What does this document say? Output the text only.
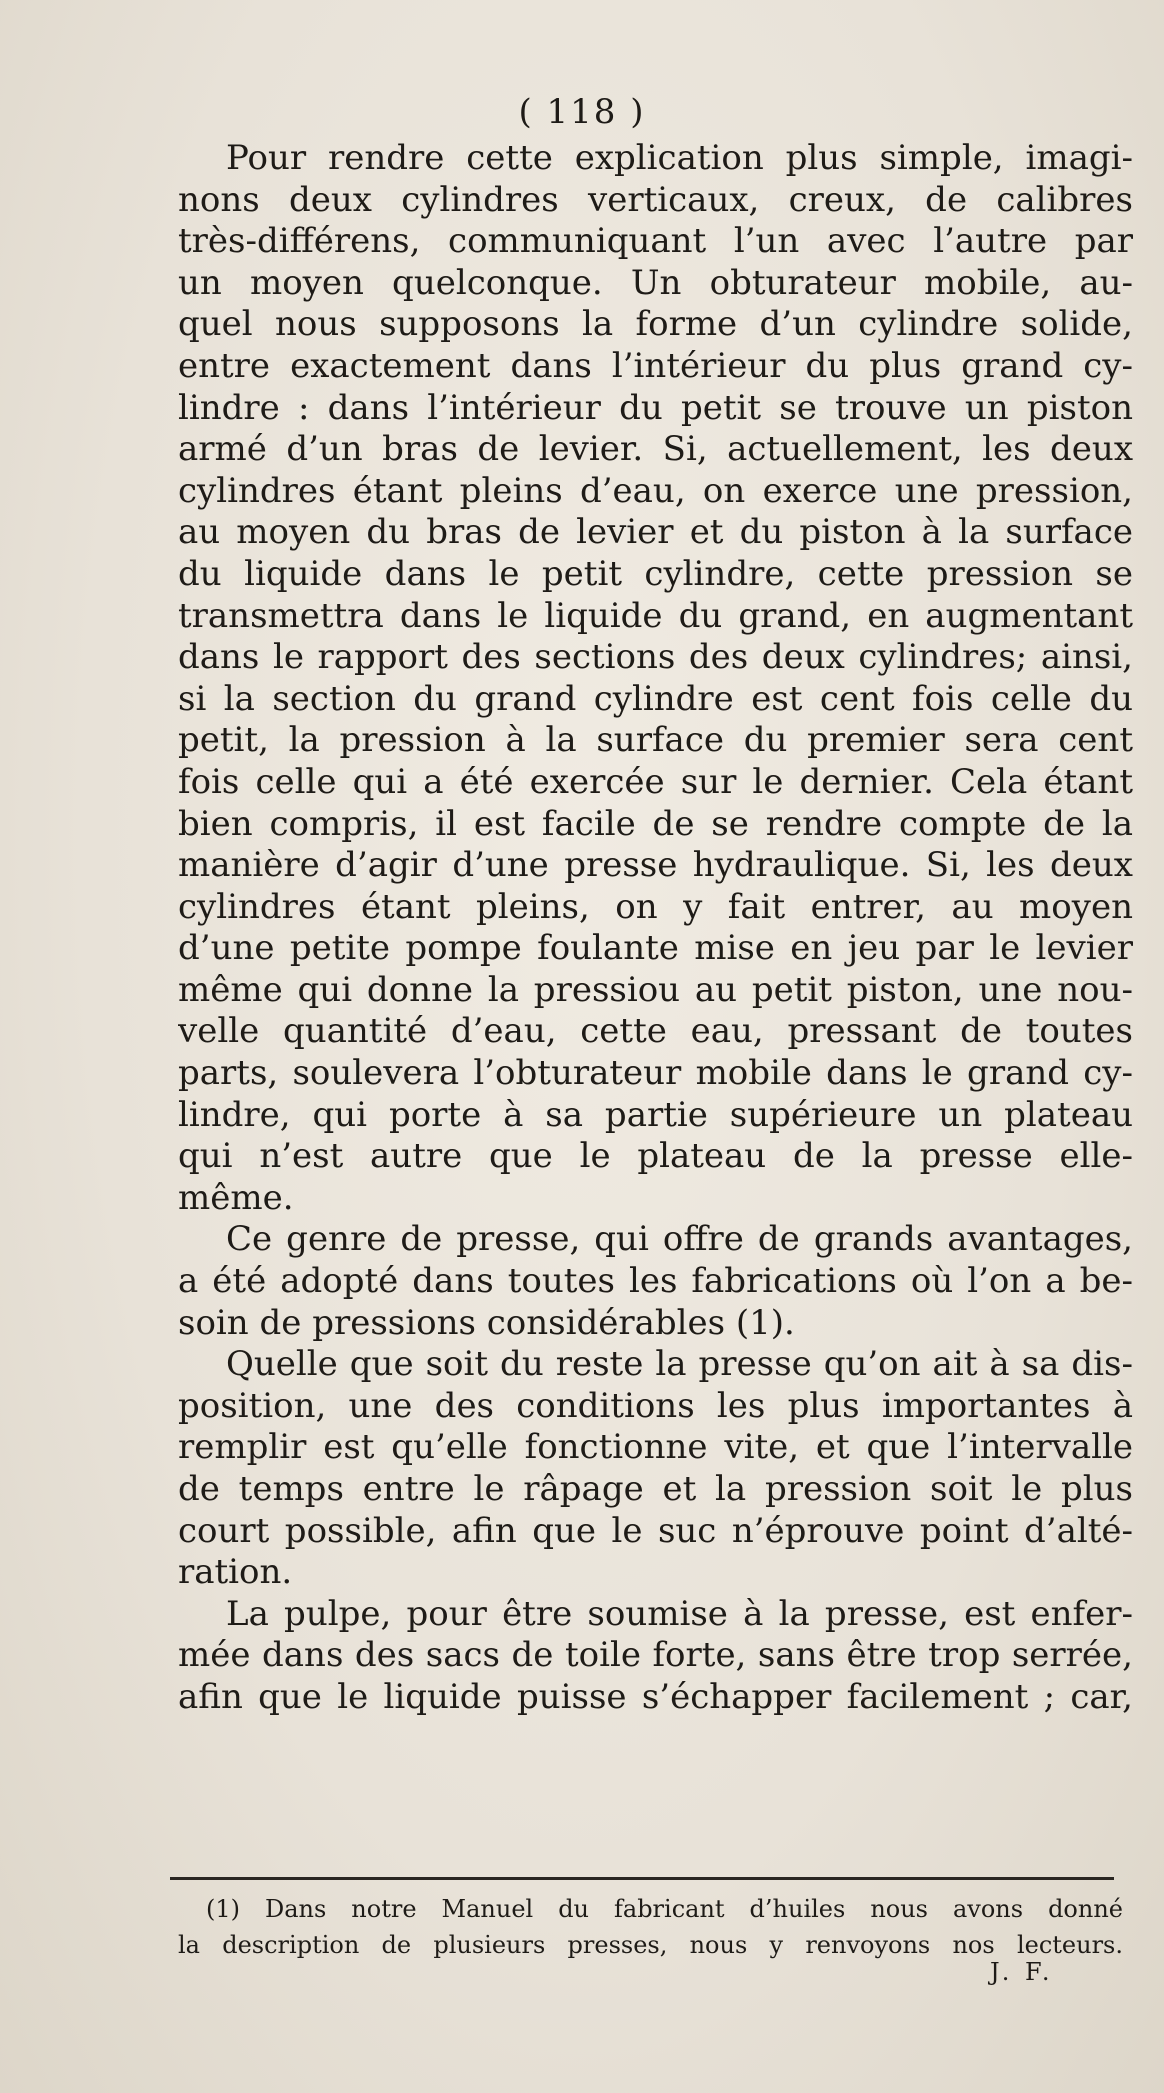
( 118 )
Pour rendre cette explication plus simple, imagi-
nons deux cylindres verticaux, creux, de calibres
très-différens, communiquant l’un avec l’autre par
un moyen quelconque. Un obturateur mobile, au-
quel nous supposons la forme d’un cylindre solide,
entre exactement dans l’intérieur du plus grand cy-
lindre : dans l’intérieur du petit se trouve un piston
armé d’un bras de levier. Si, actuellement, les deux
cylindres étant pleins d’eau, on exerce une pression,
au moyen du bras de levier et du piston à la surface
du liquide dans le petit cylindre, cette pression se
transmettra dans le liquide du grand, en augmentant
dans le rapport des sections des deux cylindres; ainsi,
si la section du grand cylindre est cent fois celle du
petit, la pression à la surface du premier sera cent
fois celle qui a été exercée sur le dernier. Cela étant
bien compris, il est facile de se rendre compte de la
manière d’agir d’une presse hydraulique. Si, les deux
cylindres étant pleins, on y fait entrer, au moyen
d’une petite pompe foulante mise en jeu par le levier
même qui donne la pressiou au petit piston, une nou-
velle quantité d’eau, cette eau, pressant de toutes
parts, soulevera l’obturateur mobile dans le grand cy-
lindre, qui porte à sa partie supérieure un plateau
qui n’est autre que le plateau de la presse elle-
même.
Ce genre de presse, qui offre de grands avantages,
a été adopté dans toutes les fabrications où l’on a be-
soin de pressions considérables (1).
Quelle que soit du reste la presse qu’on ait à sa dis-
position, une des conditions les plus importantes à
remplir est qu’elle fonctionne vite, et que l’intervalle
de temps entre le râpage et la pression soit le plus
court possible, afin que le suc n’éprouve point d’alté-
ration.
La pulpe, pour être soumise à la presse, est enfer-
mée dans des sacs de toile forte, sans être trop serrée,
afin que le liquide puisse s’échapper facilement ; car,
(1) Dans notre Manuel du fabricant d’huiles nous avons donné
la description de plusieurs presses, nous y renvoyons nos lecteurs.
J. F.
